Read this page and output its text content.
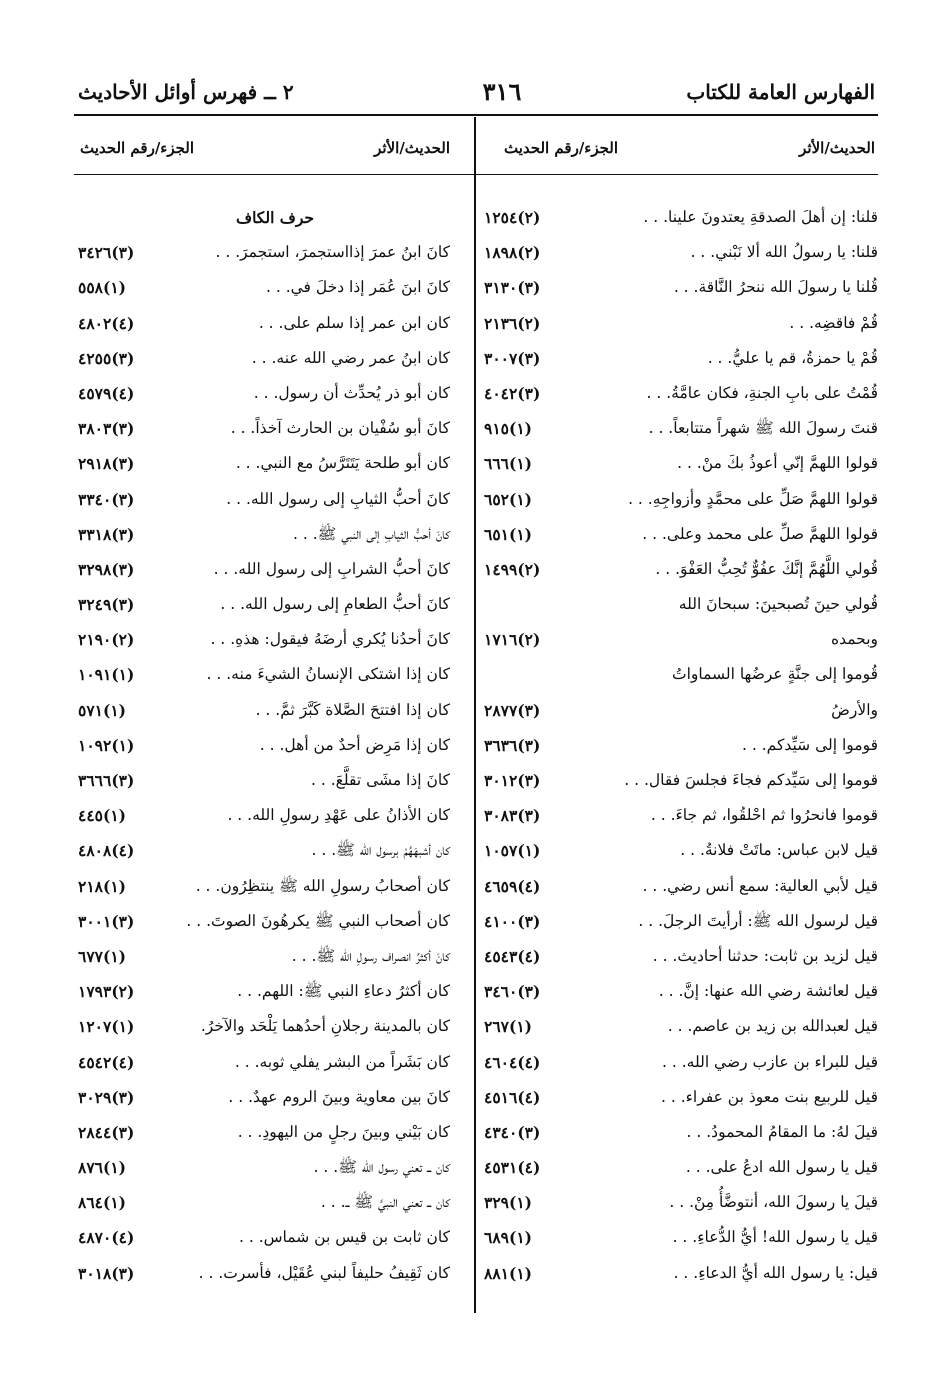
الفهارس العامة للكتاب
٣١٦
٢ ــ فهرس أوائل الأحاديث
الحديث/الأثر
الجزء/رقم الحديث
الحديث/الأثر
الجزء/رقم الحديث
قلنا: إن أهلَ الصدقةِ يعتدونَ علينا. . .
(٢)١٢٥٤
قلنا: يا رسولُ الله ألا نَبْني. . .
(٢)١٨٩٨
قُلنا يا رسولَ الله ننحرُ النَّاقة. . .
(٣)٣١٣٠
قُمْ فاقضِه. . .
(٢)٢١٣٦
قُمْ يا حمزةُ، قم يا عليُّ. . .
(٣)٣٠٠٧
قُمْتُ على بابِ الجنةِ، فكان عامَّةُ. . .
(٣)٤٠٤٢
قنتَ رسولَ الله ﷺ شهراً متتابعاً. . .
(١)٩١٥
قولوا اللهمَّ إنّي أعوذُ بكَ منْ. . .
(١)٦٦٦
قولوا اللهمَّ صَلِّ على محمَّدٍ وأزواجِهِ. . .
(١)٦٥٢
قولوا اللهمَّ صلِّ على محمد وعلى. . .
(١)٦٥١
قُولي اللَّهُمَّ إنَّكَ عفُوٌّ تُحِبُّ العَفْوَ. . .
(٢)١٤٩٩
قُولي حينَ تُصبحينَ: سبحانَ الله
وبحمده
(٢)١٧١٦
قُوموا إلى جنَّةٍ عرضُها السماواتُ
والأرضُ
(٣)٢٨٧٧
قوموا إلى سَيِّدكم. . .
(٣)٣٦٣٦
قوموا إلى سَيِّدكم فجاءَ فجلسَ فقال. . .
(٣)٣٠١٢
قوموا فانحرُوا ثم احْلقُوا، ثم جاءَ. . .
(٣)٣٠٨٣
قيل لابن عباس: ماتَتْ فلانةُ. . .
(١)١٠٥٧
قيل لأبي العالية: سمع أنس رضي. . .
(٤)٤٦٥٩
قيل لرسول الله ﷺ: أرأيتَ الرجلَ. . .
(٣)٤١٠٠
قيل لزيد بن ثابت: حدثنا أحاديث. . .
(٤)٤٥٤٣
قيل لعائشة رضي الله عنها: إنَّ. . .
(٣)٣٤٦٠
قيل لعبدالله بن زيد بن عاصم. . .
(١)٢٦٧
قيل للبراء بن عازب رضي الله. . .
(٤)٤٦٠٤
قيل للربيع بنت معوذ بن عفراء. . .
(٤)٤٥١٦
قيلَ لهُ: ما المقامُ المحمودُ. . .
(٣)٤٣٤٠
قيل يا رسول الله ادعُ على. . .
(٤)٤٥٣١
قيلَ يا رسولَ الله، أنتوضَّأُ مِنْ. . .
(١)٣٢٩
قيل يا رسول الله! أيُّ الدُّعاءِ. . .
(١)٦٨٩
قيل: يا رسول الله أيُّ الدعاءِ. . .
(١)٨٨١
حرف الكاف
كانَ ابنُ عمرَ إذااستجمرَ، استجمرَ. . .
(٣)٣٤٢٦
كانَ ابنَ عُمَر إذا دخلَ في. . .
(١)٥٥٨
كان ابن عمر إذا سلم على. . .
(٤)٤٨٠٢
كان ابنُ عمر رضي الله عنه. . .
(٣)٤٢٥٥
كان أبو ذر يُحدِّث أن رسول. . .
(٤)٤٥٧٩
كانَ أبو سُفْيان بن الحارث آخذاً. . .
(٣)٣٨٠٣
كان أبو طلحة يَتَتَرَّسُ مع النبي. . .
(٣)٢٩١٨
كانَ أحبُّ الثيابِ إلى رسول الله. . .
(٣)٣٣٤٠
كانَ أحبُّ الثيابِ إلى النبي ﷺ. . .
(٣)٣٣١٨
كانَ أحبُّ الشرابِ إلى رسول الله. . .
(٣)٣٢٩٨
كانَ أحبُّ الطعامِ إلى رسول الله. . .
(٣)٣٢٤٩
كانَ أحدُنا يُكري أرضَهُ فيقول: هذهِ. . .
(٢)٢١٩٠
كان إذا اشتكى الإنسانُ الشيءَ منه. . .
(١)١٠٩١
كان إذا افتتحَ الصَّلاة كَبَّرَ ثمَّ. . .
(١)٥٧١
كان إذا مَرِض أحدٌ من أهل. . .
(١)١٠٩٢
كانَ إذا مشَى تقلَّعَ. . .
(٣)٣٦٦٦
كان الأذانُ على عَهْدِ رسولِ الله. . .
(١)٤٤٥
كان أشبهَهُمْ برسول الله ﷺ. . .
(٤)٤٨٠٨
كان أصحابُ رسولِ الله ﷺ ينتظِرُون. . .
(١)٢١٨
كان أصحاب النبي ﷺ يكرهُونَ الصوتَ. . .
(٣)٣٠٠١
كانَ أكثرُ انصراف رسولِ الله ﷺ. . .
(١)٦٧٧
كان أكثرُ دعاءِ النبي ﷺ: اللهم. . .
(٢)١٧٩٣
كان بالمدينة رجلانِ أحدُهما يَلْحَد والآخرُ.
(١)١٢٠٧
كان بَشَراً من البشر يفلي ثوبه. . .
(٤)٤٥٤٢
كانَ بين معاوية وبينَ الروم عهدٌ. . .
(٣)٣٠٢٩
كان بَيْني وبينَ رجلٍ من اليهودِ. . .
(٣)٢٨٤٤
كان ــ تعني رسول الله ﷺ. . .
(١)٨٧٦
كان ــ تعني النبيَّ ﷺ ــ. . .
(١)٨٦٤
كان ثابت بن قيس بن شماس. . .
(٤)٤٨٧٠
كان ثَقِيفُ حليفاً لبني عُقَيْل، فأسرت. . .
(٣)٣٠١٨
